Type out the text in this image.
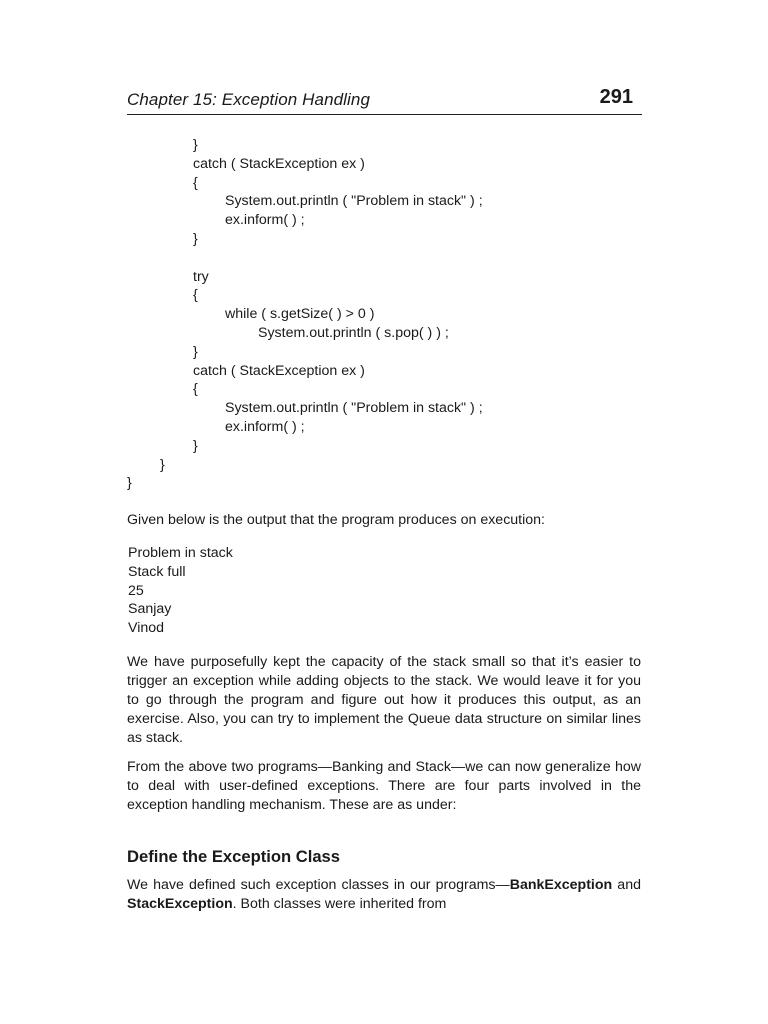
Chapter 15: Exception Handling	291
}
catch ( StackException ex )
{
System.out.println ( "Problem in stack" ) ;
ex.inform( ) ;
}
try
{
while ( s.getSize( ) > 0 )
System.out.println ( s.pop( ) ) ;
}
catch ( StackException ex )
{
System.out.println ( "Problem in stack" ) ;
ex.inform( ) ;
}
}
}

Given below is the output that the program produces on execution:

Problem in stack
Stack full
25
Sanjay
Vinod

We have purposefully kept the capacity of the stack small so that it’s easier to trigger an exception while adding objects to the stack. We would leave it for you to go through the program and figure out how it produces this output, as an exercise. Also, you can try to implement the Queue data structure on similar lines as stack.

From the above two programs—Banking and Stack—we can now generalize how to deal with user-defined exceptions. There are four parts involved in the exception handling mechanism. These are as under:

Define the Exception Class

We have defined such exception classes in our programs—BankException and StackException. Both classes were inherited from
